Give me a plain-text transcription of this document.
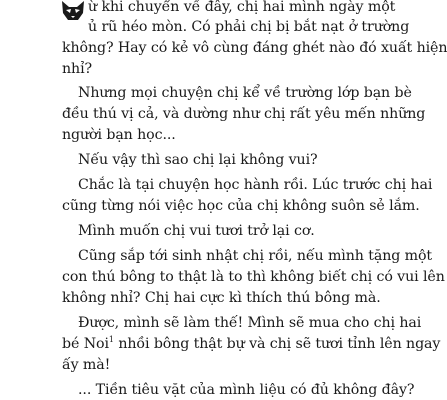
ừ khi chuyển về đây, chị hai mình ngày một
ủ rũ héo mòn. Có phải chị bị bắt nạt ở trường
không? Hay có kẻ vô cùng đáng ghét nào đó xuất hiện
nhỉ?
Nhưng mọi chuyện chị kể về trường lớp bạn bè
đều thú vị cả, và dường như chị rất yêu mến những
người bạn học...
Nếu vậy thì sao chị lại không vui?
Chắc là tại chuyện học hành rồi. Lúc trước chị hai
cũng từng nói việc học của chị không suôn sẻ lắm.
Mình muốn chị vui tươi trở lại cơ.
Cũng sắp tới sinh nhật chị rồi, nếu mình tặng một
con thú bông to thật là to thì không biết chị có vui lên
không nhỉ? Chị hai cực kì thích thú bông mà.
Được, mình sẽ làm thế! Mình sẽ mua cho chị hai
bé Noi$^1$ nhồi bông thật bự và chị sẽ tươi tỉnh lên ngay
ấy mà!
... Tiền tiêu vặt của mình liệu có đủ không đây?
